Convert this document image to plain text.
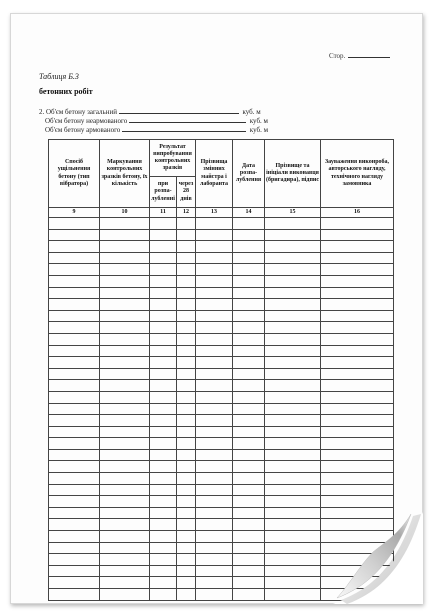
Стор.
Таблиця Б.3
бетонних робіт
2. Об'єм бетону загальний	куб. м
Об'єм бетону неармованого	куб. м
Об'єм бетону армованого	куб. м
Спосіб ущільнення бетону (тип вібратора)	Маркування контрольних зразків бетону, їх кількість	Результат випробування контрольних зразків		Прізвища змінних майстра і лаборанта	Дата розпа-лублення	Прізвище та ініціали виконавця (бригадира), підпис	Зауваження виконроба, авторського нагляду, технічного нагляду замовника
		при розпа-лубленні	через 28 днів				
9	10	11	12	13	14	15	16
